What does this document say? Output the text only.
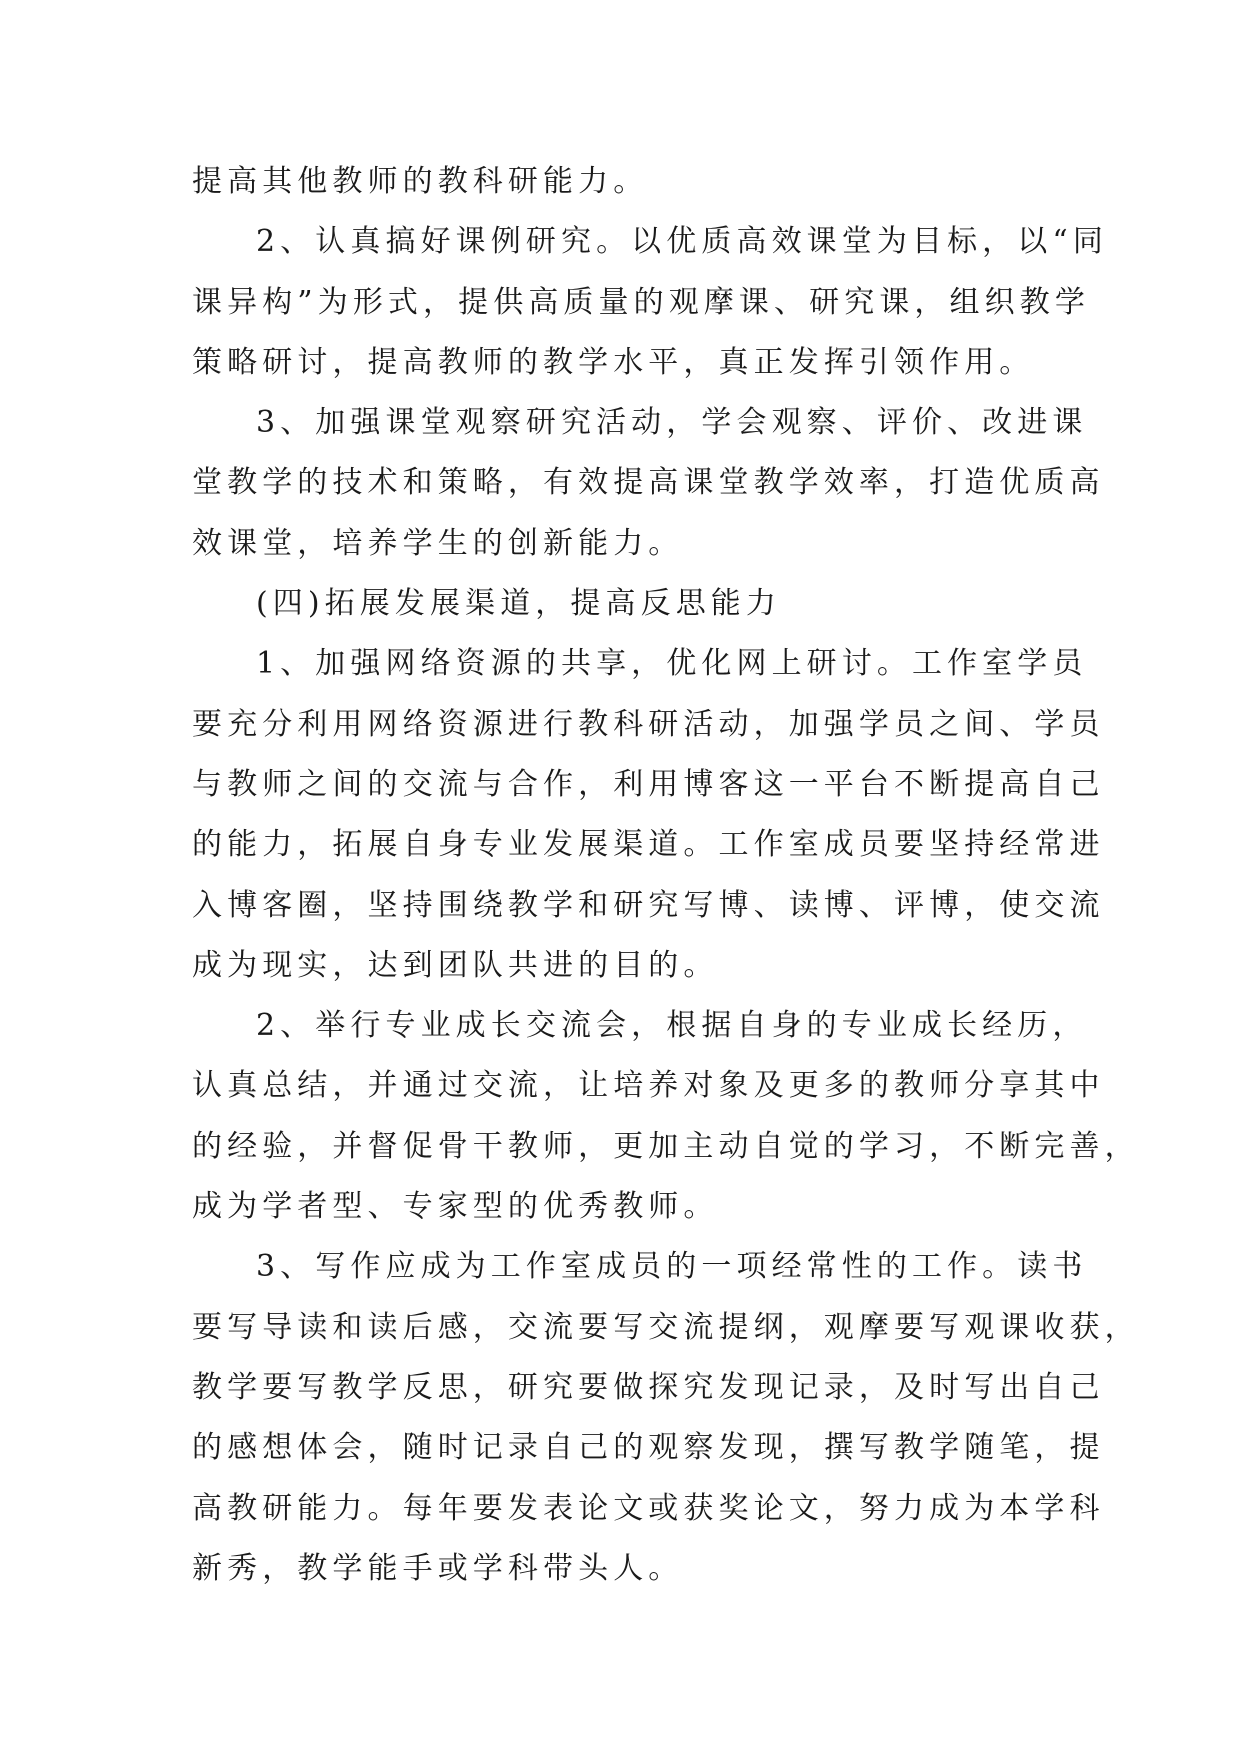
提高其他教师的教科研能力。
2、认真搞好课例研究。以优质高效课堂为目标，以“同
课异构”为形式，提供高质量的观摩课、研究课，组织教学
策略研讨，提高教师的教学水平，真正发挥引领作用。
3、加强课堂观察研究活动，学会观察、评价、改进课
堂教学的技术和策略，有效提高课堂教学效率，打造优质高
效课堂，培养学生的创新能力。
(四)拓展发展渠道，提高反思能力
1、加强网络资源的共享，优化网上研讨。工作室学员
要充分利用网络资源进行教科研活动，加强学员之间、学员
与教师之间的交流与合作，利用博客这一平台不断提高自己
的能力，拓展自身专业发展渠道。工作室成员要坚持经常进
入博客圈，坚持围绕教学和研究写博、读博、评博，使交流
成为现实，达到团队共进的目的。
2、举行专业成长交流会，根据自身的专业成长经历，
认真总结，并通过交流，让培养对象及更多的教师分享其中
的经验，并督促骨干教师，更加主动自觉的学习，不断完善，
成为学者型、专家型的优秀教师。
3、写作应成为工作室成员的一项经常性的工作。读书
要写导读和读后感，交流要写交流提纲，观摩要写观课收获，
教学要写教学反思，研究要做探究发现记录，及时写出自己
的感想体会，随时记录自己的观察发现，撰写教学随笔，提
高教研能力。每年要发表论文或获奖论文，努力成为本学科
新秀，教学能手或学科带头人。
